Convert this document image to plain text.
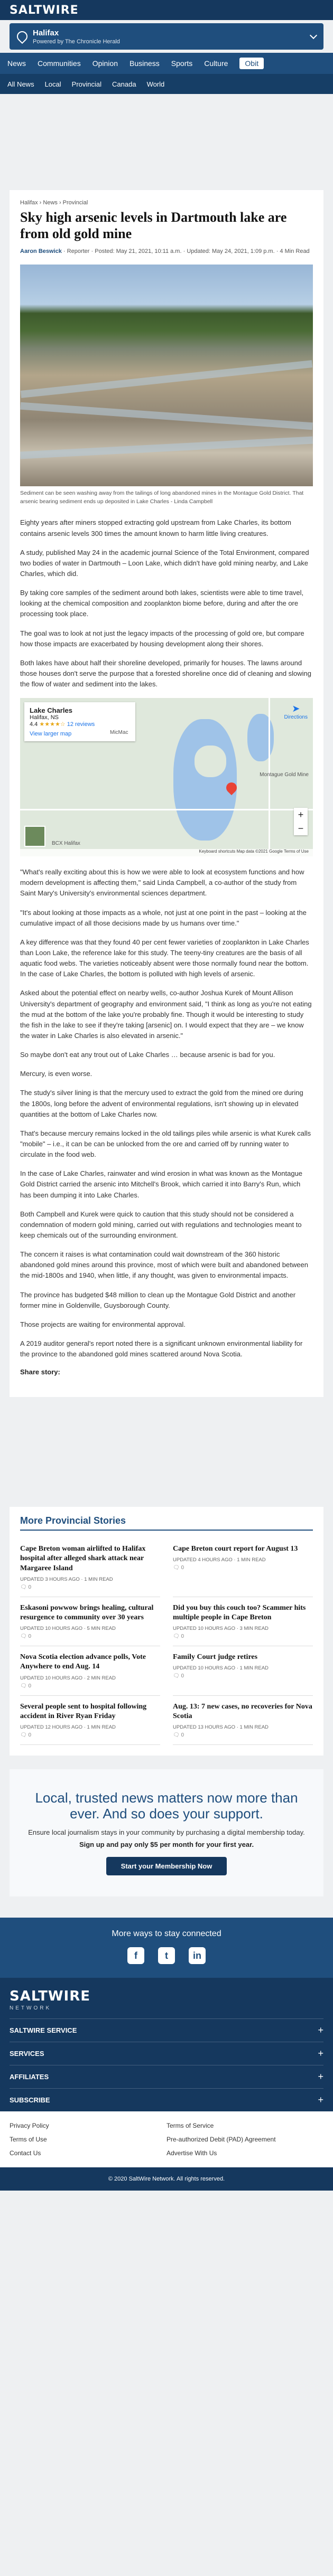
SALTWIRE
Halifax
Powered by The Chronicle Herald
News Communities Opinion Business Sports Culture	Obit
All News Local Provincial Canada World
Halifax › News › Provincial
Sky high arsenic levels in Dartmouth lake are from old gold mine
Aaron Beswick · Reporter · Posted: May 21, 2021, 10:11 a.m. · Updated: May 24, 2021, 1:09 p.m. · 4 Min Read
Sediment can be seen washing away from the tailings of long abandoned mines in the Montague Gold District. That arsenic bearing sediment ends up deposited in Lake Charles - Linda Campbell

Eighty years after miners stopped extracting gold upstream from Lake Charles, its bottom contains arsenic levels 300 times the amount known to harm little living creatures.

A study, published May 24 in the academic journal Science of the Total Environment, compared two bodies of water in Dartmouth – Loon Lake, which didn't have gold mining nearby, and Lake Charles, which did.

By taking core samples of the sediment around both lakes, scientists were able to time travel, looking at the chemical composition and zooplankton biome before, during and after the ore processing took place.

The goal was to look at not just the legacy impacts of the processing of gold ore, but compare how those impacts are exacerbated by housing development along their shores.

Both lakes have about half their shoreline developed, primarily for houses. The lawns around those houses don't serve the purpose that a forested shoreline once did of cleaning and slowing the flow of water and sediment into the lakes.

Lake Charles
Halifax, NS
4.4 ★★★★☆ 12 reviews
View larger map
➤
Directions
Montague Gold Mine
MicMac
BCX Halifax
+
−
Keyboard shortcuts Map data ©2021 Google Terms of Use

"What's really exciting about this is how we were able to look at ecosystem functions and how modern development is affecting them," said Linda Campbell, a co-author of the study from Saint Mary's University's environmental sciences department.

"It's about looking at those impacts as a whole, not just at one point in the past – looking at the cumulative impact of all those decisions made by us humans over time."

A key difference was that they found 40 per cent fewer varieties of zooplankton in Lake Charles than Loon Lake, the reference lake for this study. The teeny-tiny creatures are the basis of all aquatic food webs. The varieties noticeably absent were those normally found near the bottom. In the case of Lake Charles, the bottom is polluted with high levels of arsenic.

Asked about the potential effect on nearby wells, co-author Joshua Kurek of Mount Allison University's department of geography and environment said, "I think as long as you're not eating the mud at the bottom of the lake you're probably fine. Though it would be interesting to study the fish in the lake to see if they're taking [arsenic] on. I would expect that they are – we know the water in Lake Charles is also elevated in arsenic."

So maybe don't eat any trout out of Lake Charles … because arsenic is bad for you.

Mercury, is even worse.

The study's silver lining is that the mercury used to extract the gold from the mined ore during the 1800s, long before the advent of environmental regulations, isn't showing up in elevated quantities at the bottom of Lake Charles now.

That's because mercury remains locked in the old tailings piles while arsenic is what Kurek calls "mobile" – i.e., it can be can be unlocked from the ore and carried off by running water to circulate in the food web.

In the case of Lake Charles, rainwater and wind erosion in what was known as the Montague Gold District carried the arsenic into Mitchell's Brook, which carried it into Barry's Run, which has been dumping it into Lake Charles.

Both Campbell and Kurek were quick to caution that this study should not be considered a condemnation of modern gold mining, carried out with regulations and technologies meant to keep chemicals out of the surrounding environment.

The concern it raises is what contamination could wait downstream of the 360 historic abandoned gold mines around this province, most of which were built and abandoned between the mid-1800s and 1940, when little, if any thought, was given to environmental impacts.

The province has budgeted $48 million to clean up the Montague Gold District and another former mine in Goldenville, Guysborough County.

Those projects are waiting for environmental approval.

A 2019 auditor general's report noted there is a significant unknown environmental liability for the province to the abandoned gold mines scattered around Nova Scotia.

Share story:
More Provincial Stories
Cape Breton woman airlifted to Halifax hospital after alleged shark attack near Margaree Island
UPDATED 3 HOURS AGO · 1 MIN READ
🗨 0
Cape Breton court report for August 13
UPDATED 4 HOURS AGO · 1 MIN READ
🗨 0
Eskasoni powwow brings healing, cultural resurgence to community over 30 years
UPDATED 10 HOURS AGO · 5 MIN READ
🗨 0
Did you buy this couch too? Scammer hits multiple people in Cape Breton
UPDATED 10 HOURS AGO · 3 MIN READ
🗨 0
Nova Scotia election advance polls, Vote Anywhere to end Aug. 14
UPDATED 10 HOURS AGO · 2 MIN READ
🗨 0
Family Court judge retires
UPDATED 10 HOURS AGO · 1 MIN READ
🗨 0
Several people sent to hospital following accident in River Ryan Friday
UPDATED 12 HOURS AGO · 1 MIN READ
🗨 0
Aug. 13: 7 new cases, no recoveries for Nova Scotia
UPDATED 13 HOURS AGO · 1 MIN READ
🗨 0
Local, trusted news matters now more than ever. And so does your support.
Ensure local journalism stays in your community by purchasing a digital membership today.
Sign up and pay only $5 per month for your first year.
Start your Membership Now
More ways to stay connected
f	t	in
SALTWIRE
NETWORK
SALTWIRE SERVICE	+
SERVICES	+
AFFILIATES	+
SUBSCRIBE	+
Privacy Policy	Terms of Service
Terms of Use	Pre-authorized Debit (PAD) Agreement
Contact Us	Advertise With Us
© 2020 SaltWire Network. All rights reserved.
